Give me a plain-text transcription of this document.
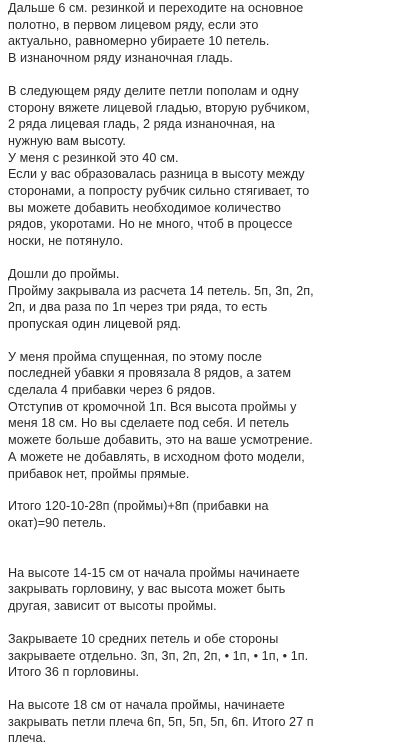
Дальше 6 см. резинкой и переходите на основное
полотно, в первом лицевом ряду, если это
актуально, равномерно убираете 10 петель.
В изнаночном ряду изнаночная гладь.

В следующем ряду делите петли пополам и одну
сторону вяжете лицевой гладью, вторую рубчиком,
2 ряда лицевая гладь, 2 ряда изнаночная, на
нужную вам высоту.
У меня с резинкой это 40 см.
Если у вас образовалась разница в высоту между
сторонами, а попросту рубчик сильно стягивает, то
вы можете добавить необходимое количество
рядов, укоротами. Но не много, чтоб в процессе
носки, не потянуло.

Дошли до проймы.
Пройму закрывала из расчета 14 петель. 5п, 3п, 2п,
2п, и два раза по 1п через три ряда, то есть
пропуская один лицевой ряд.

У меня пройма спущенная, по этому после
последней убавки я провязала 8 рядов, а затем
сделала 4 прибавки через 6 рядов.
Отступив от кромочной 1п. Вся высота проймы у
меня 18 см. Но вы сделаете под себя. И петель
можете больше добавить, это на ваше усмотрение.
А можете не добавлять, в исходном фото модели,
прибавок нет, проймы прямые.

Итого 120-10-28п (проймы)+8п (прибавки на
окат)=90 петель.

На высоте 14-15 см от начала проймы начинаете
закрывать горловину, у вас высота может быть
другая, зависит от высоты проймы.

Закрываете 10 средних петель и обе стороны
закрываете отдельно. 3п, 3п, 2п, 2п, • 1п, • 1п, • 1п.
Итого 36 п горловины.

На высоте 18 см от начала проймы, начинаете
закрывать петли плеча 6п, 5п, 5п, 5п, 6п. Итого 27 п
плеча.
